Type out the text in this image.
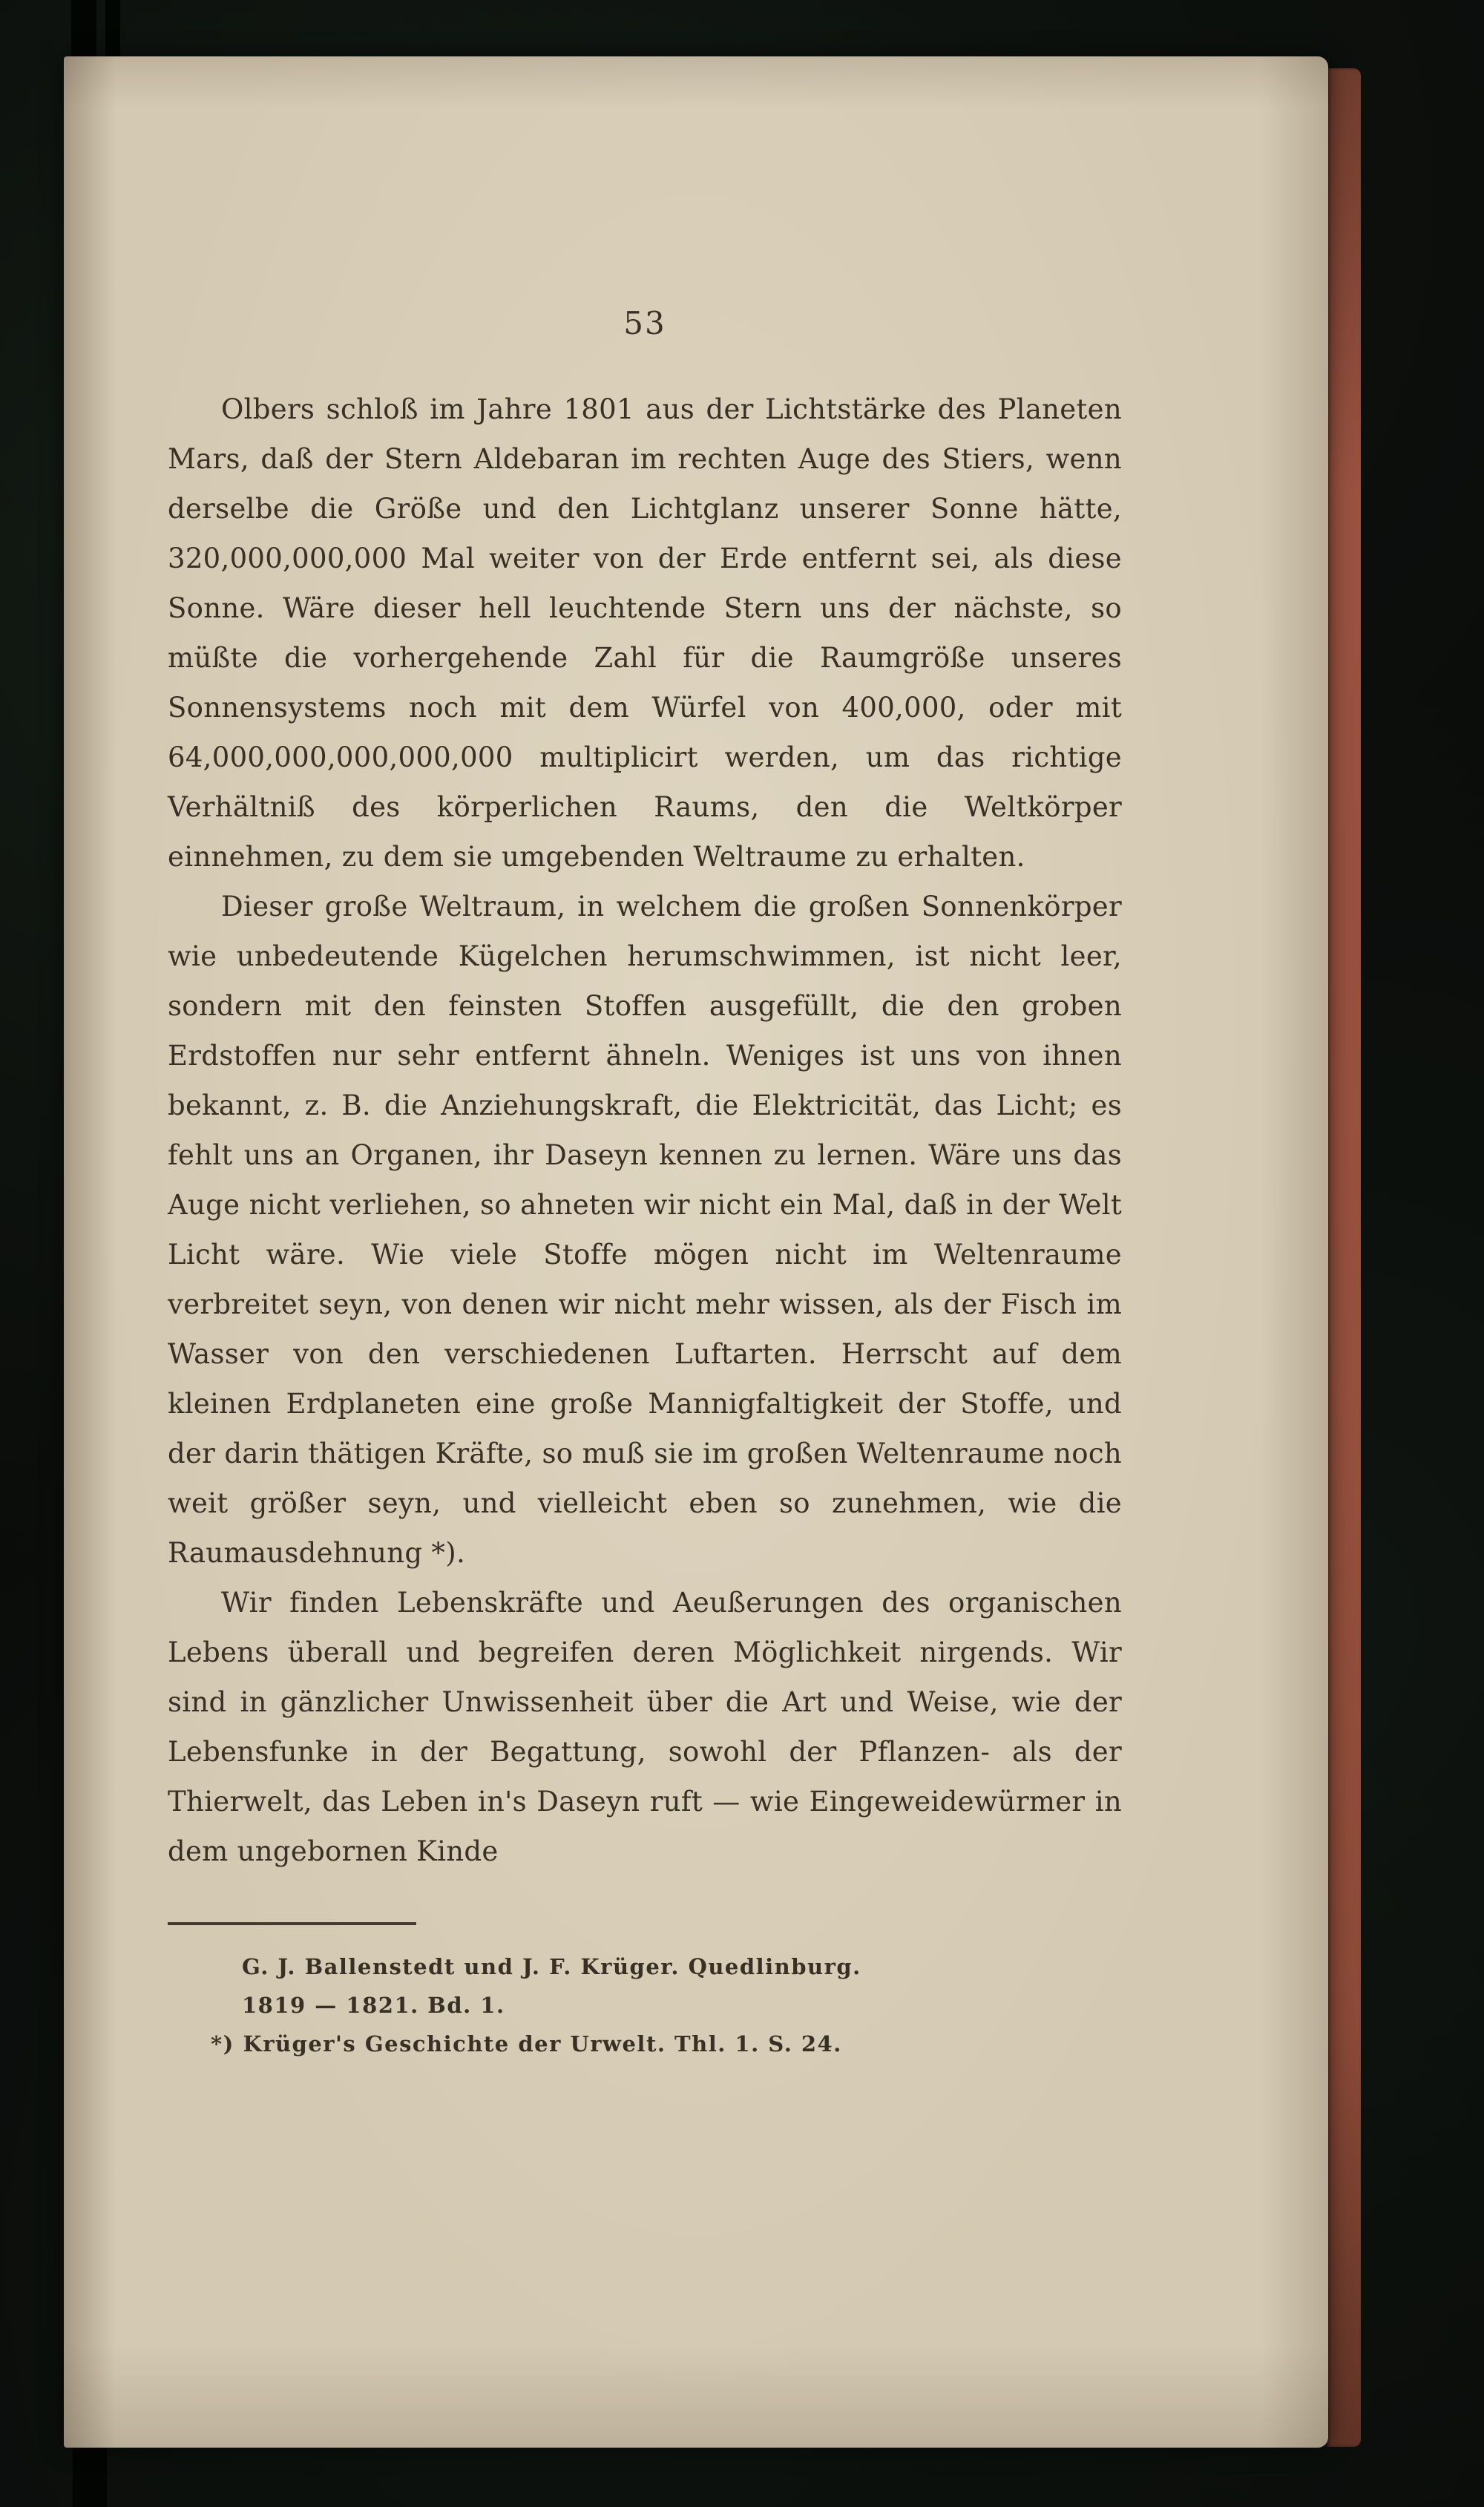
53

Olbers schloß im Jahre 1801 aus der Lichtstärke des Planeten Mars, daß der Stern Aldebaran im rechten Auge des Stiers, wenn derselbe die Größe und den Lichtglanz unserer Sonne hätte, 320,000,000,000 Mal weiter von der Erde entfernt sei, als diese Sonne. Wäre dieser hell leuchtende Stern uns der nächste, so müßte die vorhergehende Zahl für die Raumgröße unseres Sonnensystems noch mit dem Würfel von 400,000, oder mit 64,000,000,000,000,000 multiplicirt werden, um das richtige Verhältniß des körperlichen Raums, den die Weltkörper einnehmen, zu dem sie umgebenden Weltraume zu erhalten.

Dieser große Weltraum, in welchem die großen Sonnenkörper wie unbedeutende Kügelchen herumschwimmen, ist nicht leer, sondern mit den feinsten Stoffen ausgefüllt, die den groben Erdstoffen nur sehr entfernt ähneln. Weniges ist uns von ihnen bekannt, z. B. die Anziehungskraft, die Elektricität, das Licht; es fehlt uns an Organen, ihr Daseyn kennen zu lernen. Wäre uns das Auge nicht verliehen, so ahneten wir nicht ein Mal, daß in der Welt Licht wäre. Wie viele Stoffe mögen nicht im Weltenraume verbreitet seyn, von denen wir nicht mehr wissen, als der Fisch im Wasser von den verschiedenen Luftarten. Herrscht auf dem kleinen Erdplaneten eine große Mannigfaltigkeit der Stoffe, und der darin thätigen Kräfte, so muß sie im großen Weltenraume noch weit größer seyn, und vielleicht eben so zunehmen, wie die Raumausdehnung *).

Wir finden Lebenskräfte und Aeußerungen des organischen Lebens überall und begreifen deren Möglichkeit nirgends. Wir sind in gänzlicher Unwissenheit über die Art und Weise, wie der Lebensfunke in der Begattung, sowohl der Pflanzen- als der Thierwelt, das Leben in's Daseyn ruft — wie Eingeweidewürmer in dem ungebornen Kinde

G. J. Ballenstedt und J. F. Krüger. Quedlinburg.

1819 — 1821. Bd. 1.

*) Krüger's Geschichte der Urwelt. Thl. 1. S. 24.
